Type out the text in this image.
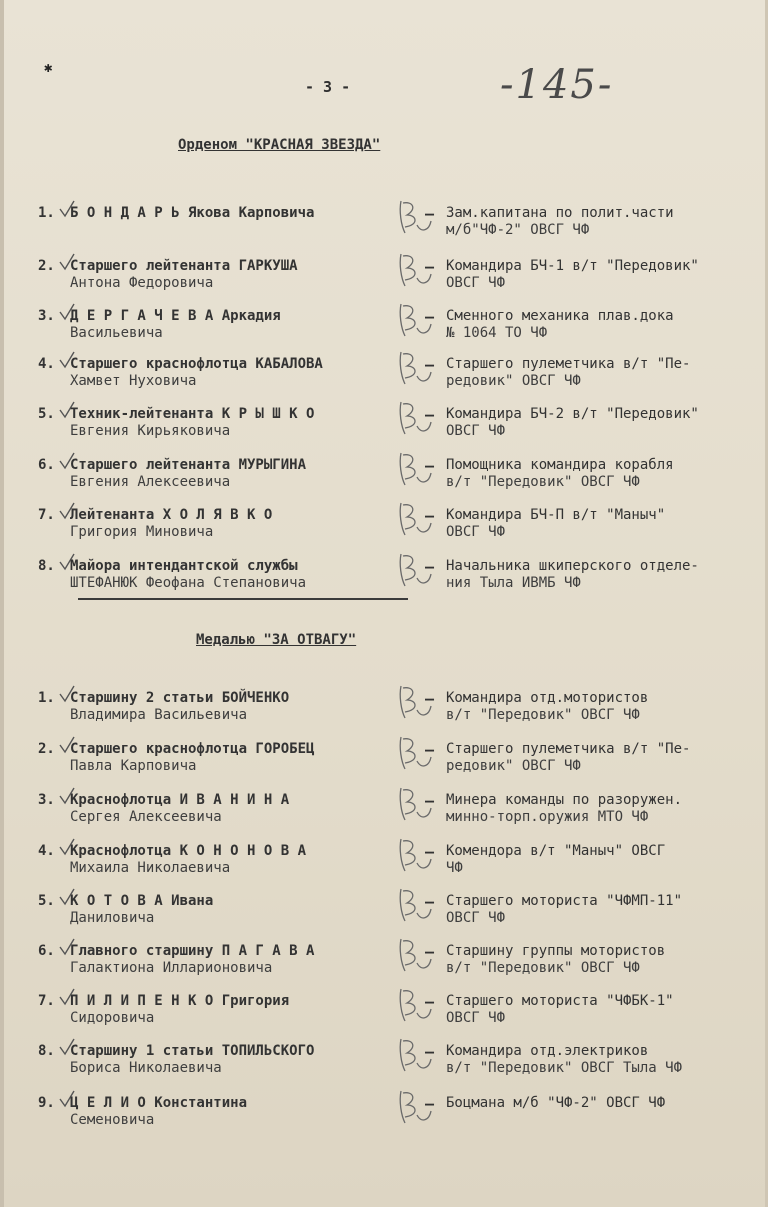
✱
- 3 -	-145-
Орденом "КРАСНАЯ ЗВЕЗДА"
1. Б О Н Д А Р Ь Якова Карповича	– Зам.капитана по полит.части
м/б"ЧФ-2" ОВСГ ЧФ
2. Старшего лейтенанта ГАРКУША
Антона Федоровича
– Командира БЧ-1 в/т "Передовик"
ОВСГ ЧФ
3. Д Е Р Г А Ч Е В А Аркадия
Васильевича
– Сменного механика плав.дока
№ 1064 ТО ЧФ
4. Старшего краснофлотца КАБАЛОВА
Хамвет Нуховича
– Старшего пулеметчика в/т "Пе-
редовик" ОВСГ ЧФ
5. Техник-лейтенанта К Р Ы Ш К О
Евгения Кирьяковича
– Командира БЧ-2 в/т "Передовик"
ОВСГ ЧФ
6. Старшего лейтенанта МУРЫГИНА
Евгения Алексеевича
– Помощника командира корабля
в/т "Передовик" ОВСГ ЧФ
7. Лейтенанта Х О Л Я В К О
Григория Миновича
– Командира БЧ-П в/т "Маныч"
ОВСГ ЧФ
8. Майора интендантской службы
ШТЕФАНЮК Феофана Степановича
– Начальника шкиперского отделе-
ния Тыла ИВМБ ЧФ
Медалью "ЗА ОТВАГУ"
1. Старшину 2 статьи БОЙЧЕНКО
Владимира Васильевича
– Командира отд.мотористов
в/т "Передовик" ОВСГ ЧФ
2. Старшего краснофлотца ГОРОБЕЦ
Павла Карповича
– Старшего пулеметчика в/т "Пе-
редовик" ОВСГ ЧФ
3. Краснофлотца И В А Н И Н А
Сергея Алексеевича
– Минера команды по разоружен.
минно-торп.оружия МТО ЧФ
4. Краснофлотца К О Н О Н О В А
Михаила Николаевича
– Комендора в/т "Маныч" ОВСГ
ЧФ
5. К О Т О В А Ивана
Даниловича
– Старшего моториста "ЧФМП-11"
ОВСГ ЧФ
6. Главного старшину П А Г А В А
Галактиона Илларионовича
– Старшину группы мотористов
в/т "Передовик" ОВСГ ЧФ
7. П И Л И П Е Н К О Григория
Сидоровича
– Старшего моториста "ЧФБК-1"
ОВСГ ЧФ
8. Старшину 1 статьи ТОПИЛЬСКОГО
Бориса Николаевича
– Командира отд.электриков
в/т "Передовик" ОВСГ Тыла ЧФ
9. Ц Е Л И О Константина
Семеновича
– Боцмана м/б "ЧФ-2" ОВСГ ЧФ
